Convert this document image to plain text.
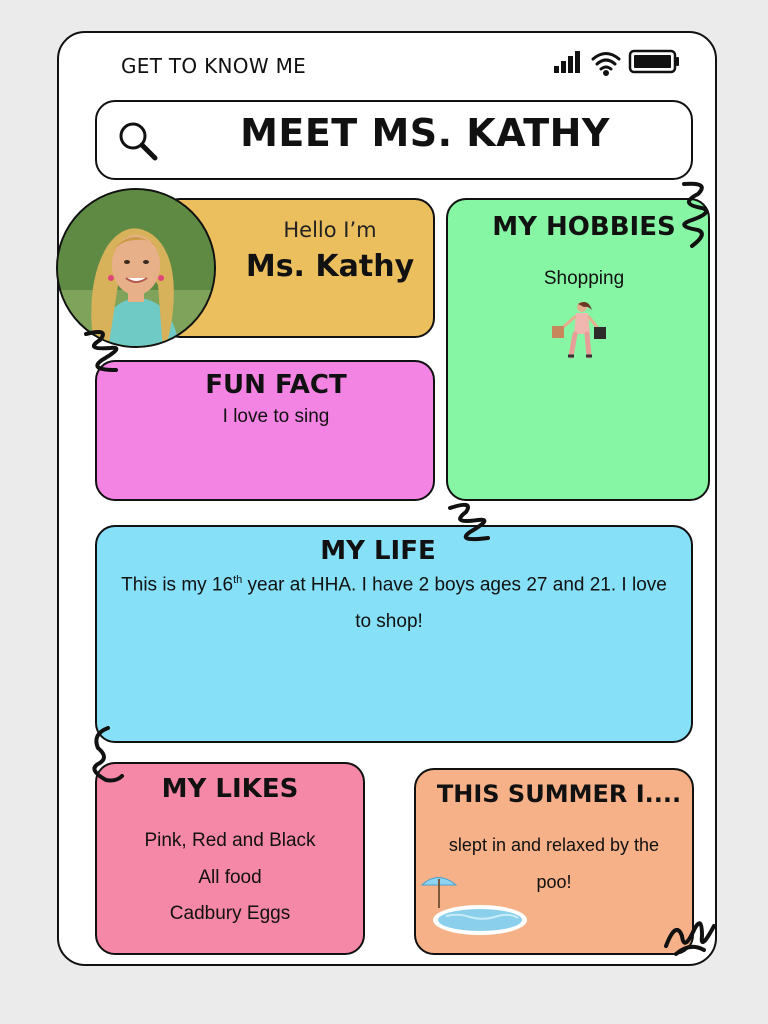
GET TO KNOW ME
MEET MS. KATHY
Hello I’m
Ms. Kathy
MY HOBBIES
Shopping
FUN FACT
I love to sing
MY LIFE
This is my 16th year at HHA. I have 2 boys ages 27 and 21. I love
to shop!
MY LIKES
Pink, Red and Black
All food
Cadbury Eggs
THIS SUMMER I....
slept in and relaxed by the
poo!
